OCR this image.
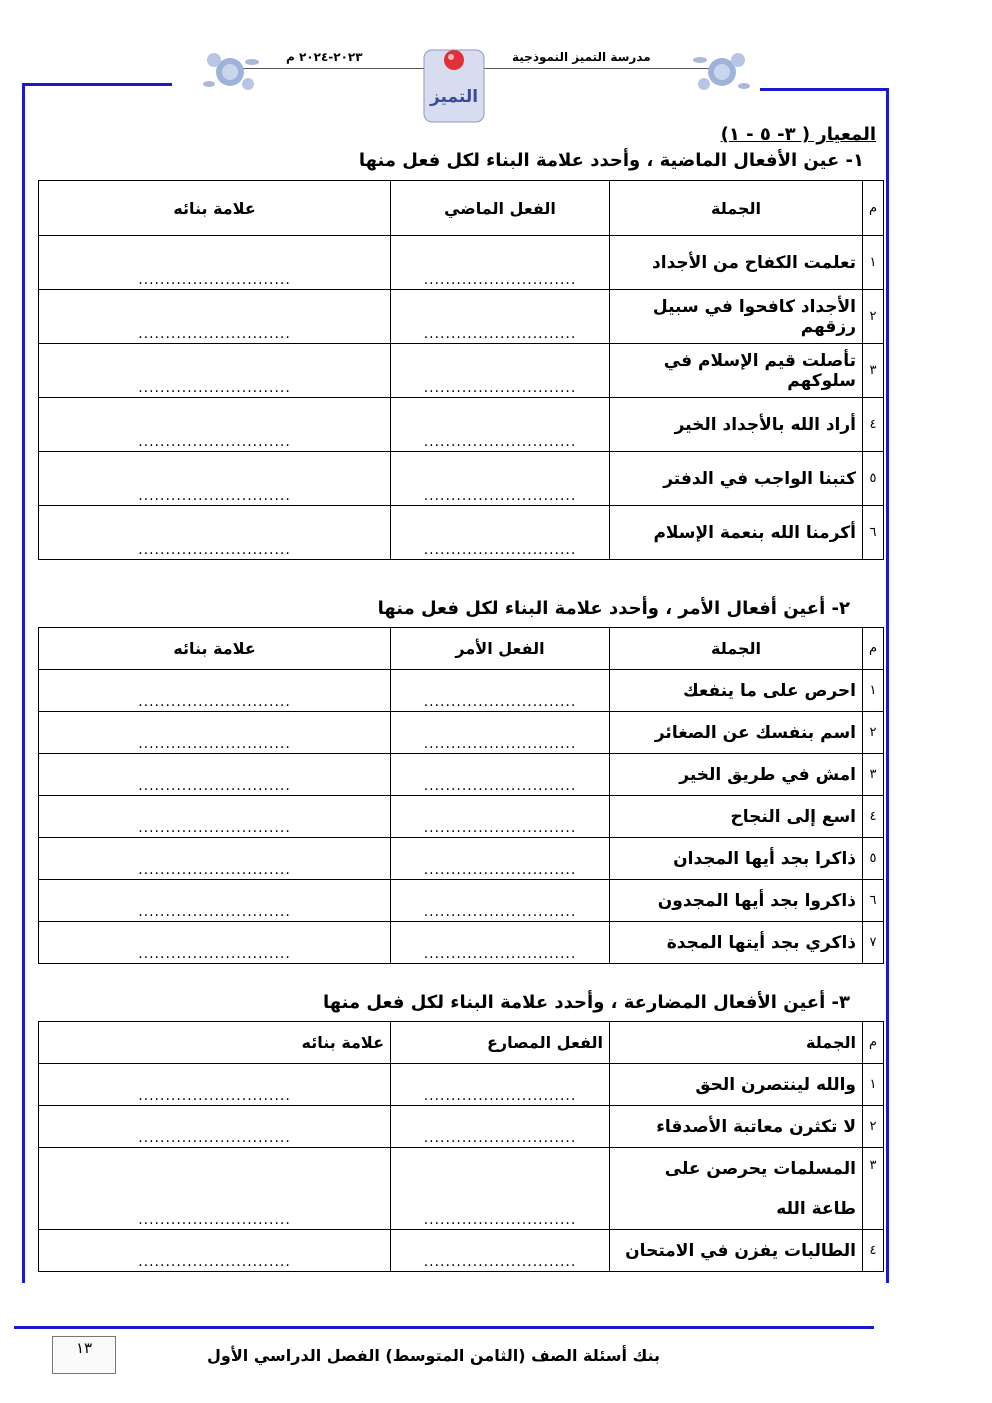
مدرسة التميز النموذجية
٢٠٢٣-٢٠٢٤ م
التميز
المعيار ( ٣- ٥ - ١)
١- عين الأفعال الماضية ، وأحدد علامة البناء لكل فعل منها
م	الجملة	الفعل الماضي	علامة بنائه
١	تعلمت الكفاح من الأجداد	............................	............................
٢	الأجداد كافحوا في سبيل رزقهم	............................	............................
٣	تأصلت قيم الإسلام في سلوكهم	............................	............................
٤	أراد الله بالأجداد الخير	............................	............................
٥	كتبنا الواجب في الدفتر	............................	............................
٦	أكرمنا الله بنعمة الإسلام	............................	............................
٢- أعين أفعال الأمر ، وأحدد علامة البناء لكل فعل منها
م	الجملة	الفعل الأمر	علامة بنائه
١	احرص على ما ينفعك	............................	............................
٢	اسم بنفسك عن الصغائر	............................	............................
٣	امش في طريق الخير	............................	............................
٤	اسع إلى النجاح	............................	............................
٥	ذاكرا بجد أيها المجدان	............................	............................
٦	ذاكروا بجد أيها المجدون	............................	............................
٧	ذاكري بجد أيتها المجدة	............................	............................
٣- أعين الأفعال المضارعة ، وأحدد علامة البناء لكل فعل منها
م	الجملة	الفعل المصارع	علامة بنائه
١	والله لينتصرن الحق	............................	............................
٢	لا تكثرن معاتبة الأصدقاء	............................	............................
٣	المسلمات يحرصن على طاعة الله	............................	............................
٤	الطالبات يفزن في الامتحان	............................	............................
١٣	بنك أسئلة الصف (الثامن المتوسط) الفصل الدراسي الأول
